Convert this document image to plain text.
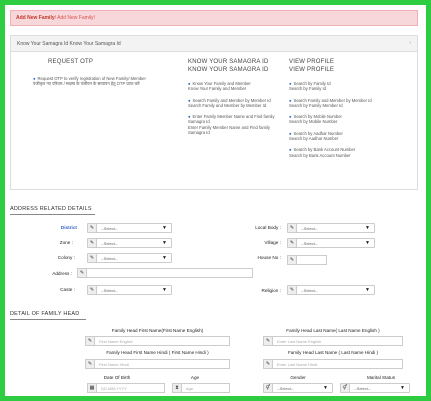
Add New Family/ Add New Family!
Know Your Samagra Id Know Your Samagra Id	›
REQUEST OTP
● Request OTP to verify registration of New Family/ Member
पंजीकृत नए परिवार / सदस्य के पंजीयन के सत्यापन हेतु OTP प्राप्त करें
KNOW YOUR SAMAGRA ID
KNOW YOUR SAMAGRA ID
● Know Your Family and Member
Know Your Family and Member
● Search Family and Member by Member Id
Search Family and Member by Member Id
● Enter Family Member Name and Find family Samagra Id
Enter Family Member Name and Find family Samagra Id
VIEW PROFILE
VIEW PROFILE
● Search by Family Id
Search by Family Id
● Search Family and Member by Member Id
Search by Family Member Id
● Search by Mobile Number
Search by Mobile Number
● Search by Aadhar Number
Search by Aadhar Number
● Search by Bank Account Number
Search by Bank Account Number
ADDRESS RELATED DETAILS
District	✎	--Select--	▼
Zone :	✎	--Select--	▼
Colony :	✎	--Select--	▼
Address :	✎
Caste :	✎	--Select--	▼
Local Body :	✎	--Select--	▼
Village :	✎	--Select--	▼
House No :	✎
Religion :	✎	--Select--	▼
DETAIL OF FAMILY HEAD
Family Head First Name(First Name English)
✎	First Name English
Family Head Last Name( Last Name English )
✎	Enter Last Name English
Family Head First Name Hindi ( First Name Hindi )
✎	First Name Hindi
Family Head Last Name ( Last Name Hindi )
✎	Enter Last Name Hindi
Date Of Birth
▦	DD-MM-YYYY
Age
⧗	Age
Gender
⚥	--Select--	▼
Marital Status
⚥	--Select--	▼
